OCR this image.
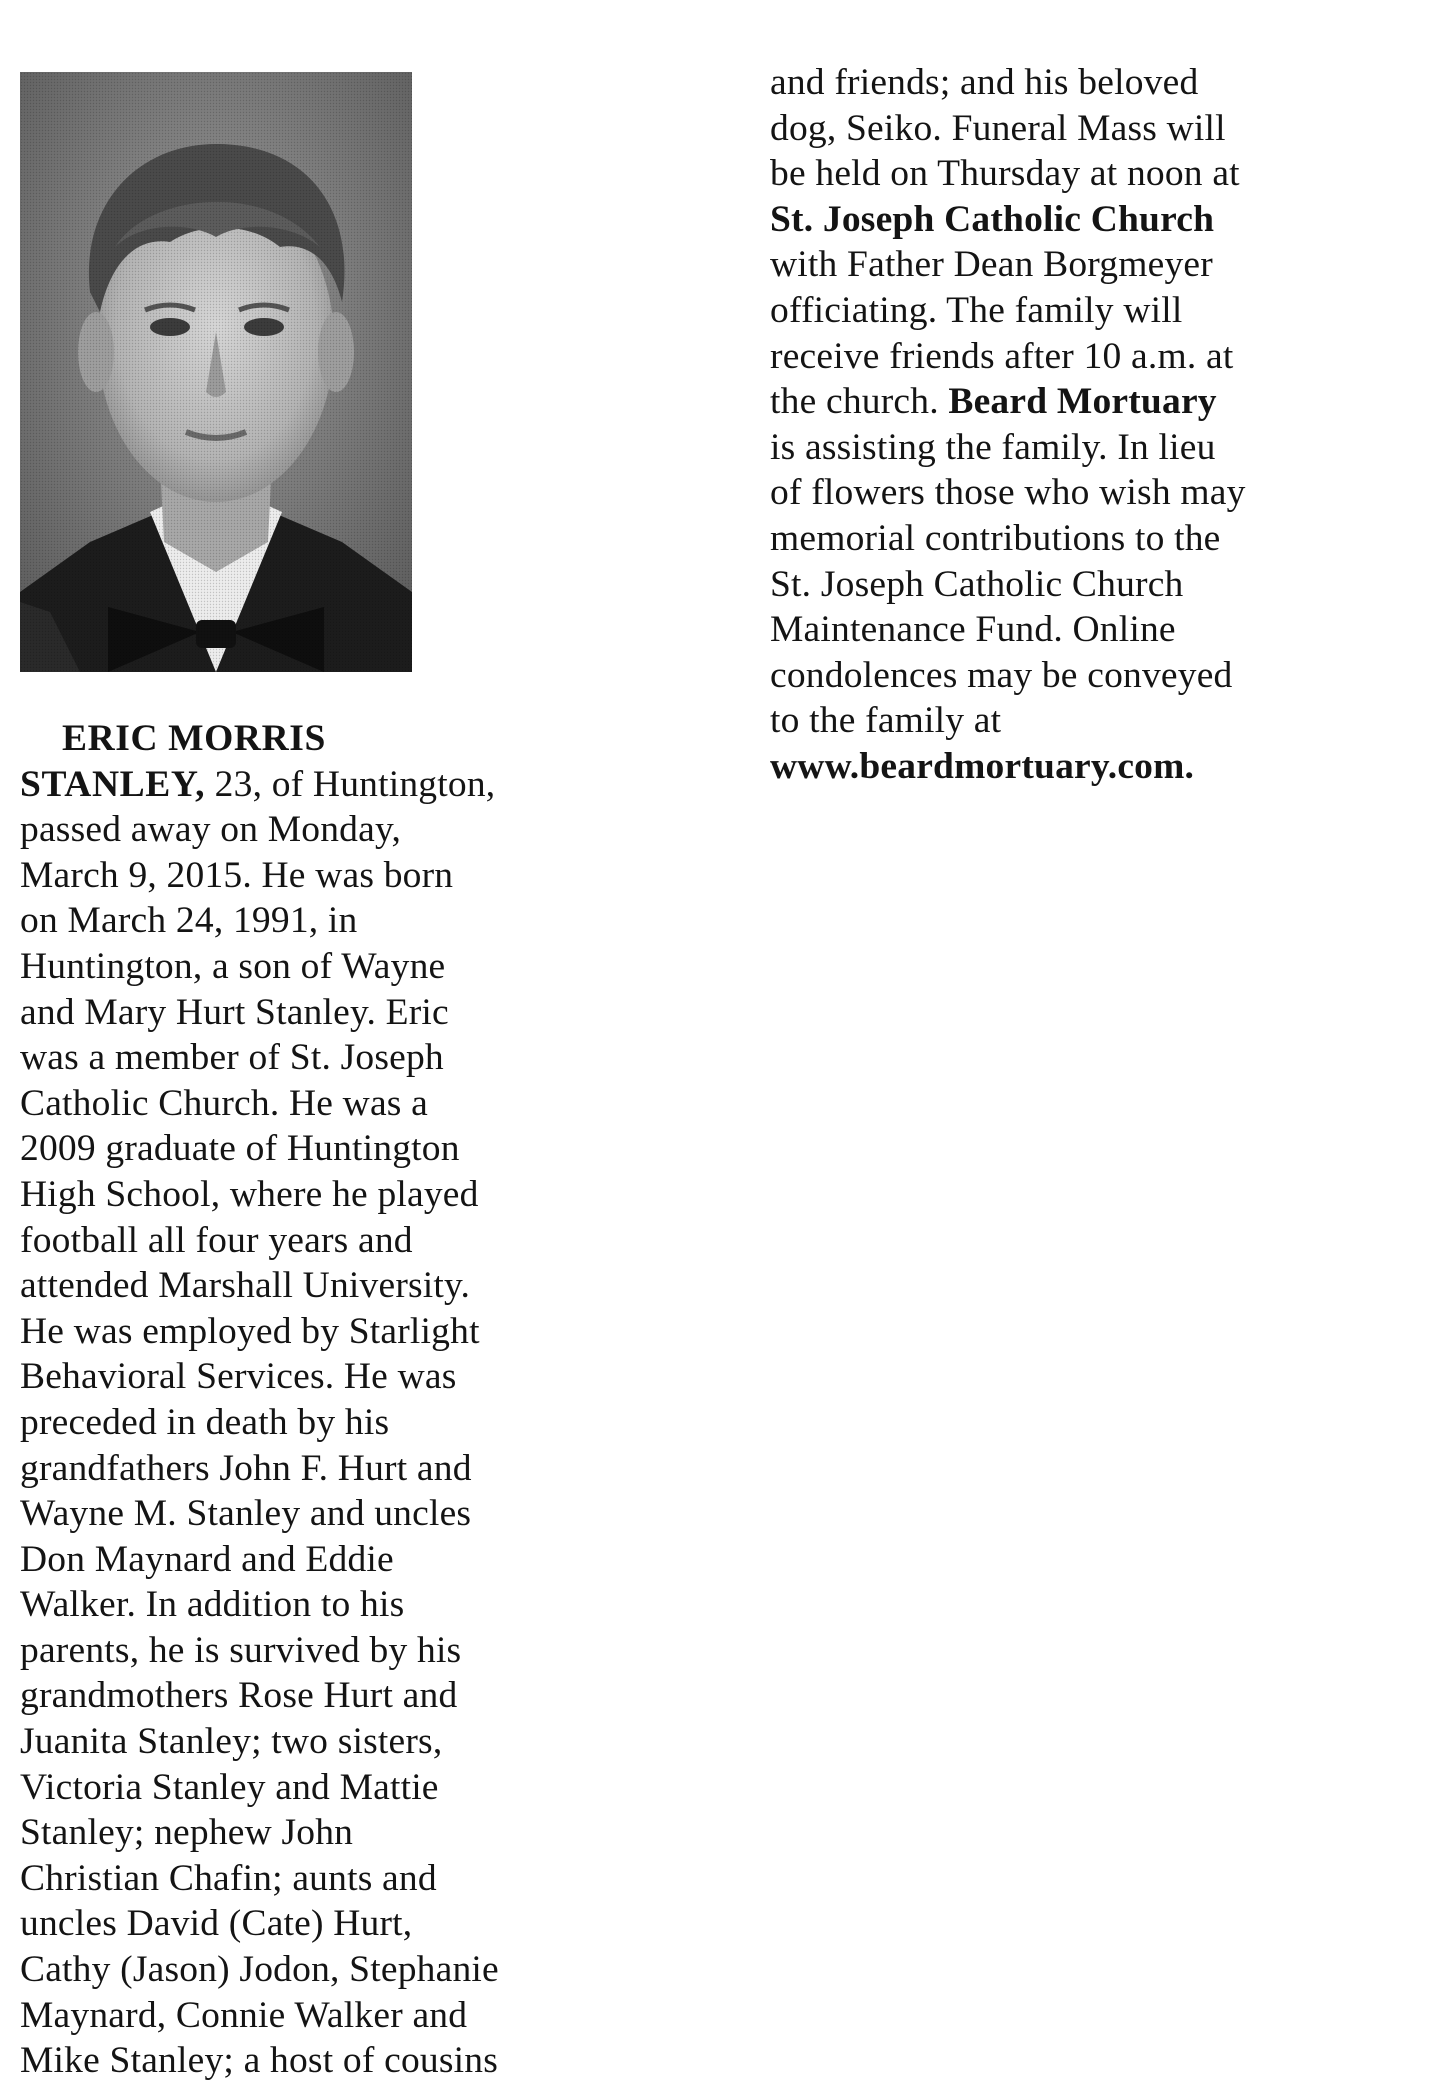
ERIC MORRIS
STANLEY, 23, of Huntington,
passed away on Monday,
March 9, 2015. He was born
on March 24, 1991, in
Huntington, a son of Wayne
and Mary Hurt Stanley. Eric
was a member of St. Joseph
Catholic Church. He was a
2009 graduate of Huntington
High School, where he played
football all four years and
attended Marshall University.
He was employed by Starlight
Behavioral Services. He was
preceded in death by his
grandfathers John F. Hurt and
Wayne M. Stanley and uncles
Don Maynard and Eddie
Walker. In addition to his
parents, he is survived by his
grandmothers Rose Hurt and
Juanita Stanley; two sisters,
Victoria Stanley and Mattie
Stanley; nephew John
Christian Chafin; aunts and
uncles David (Cate) Hurt,
Cathy (Jason) Jodon, Stephanie
Maynard, Connie Walker and
Mike Stanley; a host of cousins
and friends; and his beloved
dog, Seiko. Funeral Mass will
be held on Thursday at noon at
St. Joseph Catholic Church
with Father Dean Borgmeyer
officiating. The family will
receive friends after 10 a.m. at
the church. Beard Mortuary
is assisting the family. In lieu
of flowers those who wish may
memorial contributions to the
St. Joseph Catholic Church
Maintenance Fund. Online
condolences may be conveyed
to the family at
www.beardmortuary.com.
